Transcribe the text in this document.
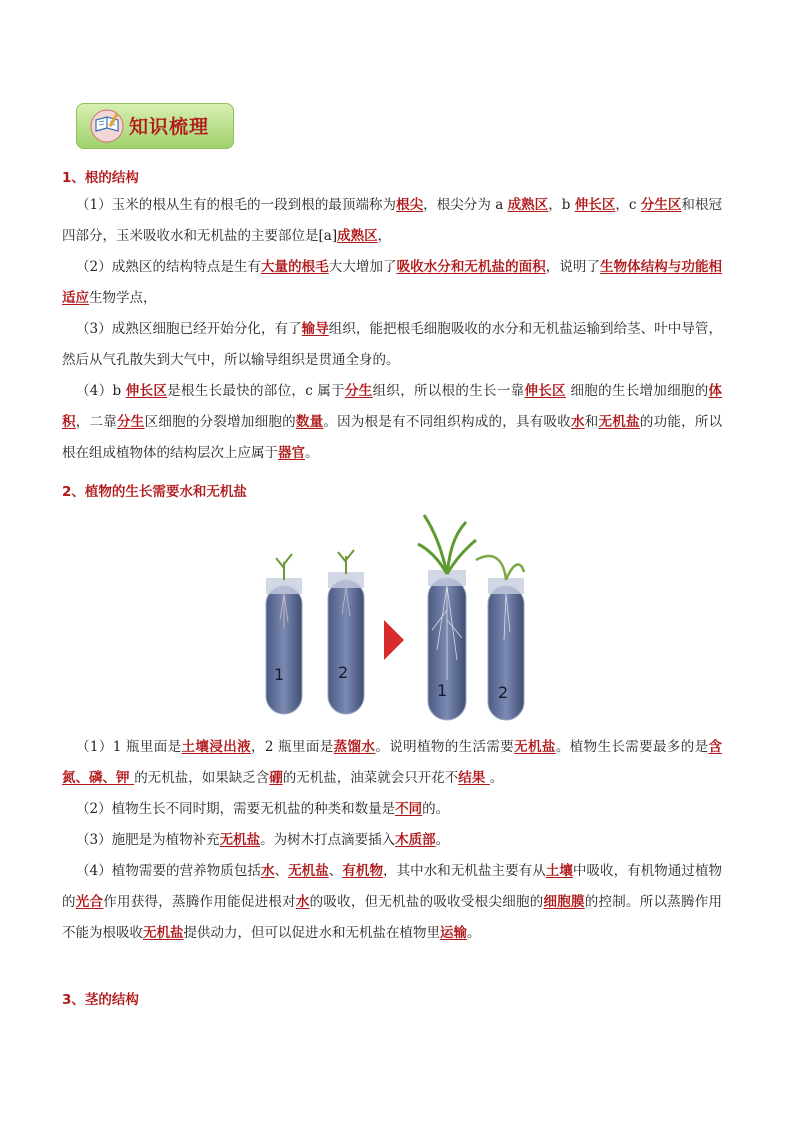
知识梳理
1、根的结构
（1）玉米的根从生有的根毛的一段到根的最顶端称为根尖，根尖分为 a 成熟区，b 伸长区，c 分生区和根冠四部分，玉米吸收水和无机盐的主要部位是[a]成熟区，
（2）成熟区的结构特点是生有大量的根毛大大增加了吸收水分和无机盐的面积，说明了生物体结构与功能相适应生物学点，
（3）成熟区细胞已经开始分化，有了输导组织，能把根毛细胞吸收的水分和无机盐运输到给茎、叶中导管，然后从气孔散失到大气中，所以输导组织是贯通全身的。
（4）b 伸长区是根生长最快的部位，c 属于分生组织，所以根的生长一靠伸长区 细胞的生长增加细胞的体积，二靠分生区细胞的分裂增加细胞的数量。因为根是有不同组织构成的，具有吸收水和无机盐的功能，所以根在组成植物体的结构层次上应属于器官。
2、植物的生长需要水和无机盐
1	2
1	2
（1）1 瓶里面是土壤浸出液，2 瓶里面是蒸馏水。说明植物的生活需要无机盐。植物生长需要最多的是含氮、磷、钾 的无机盐，如果缺乏含硼的无机盐，油菜就会只开花不结果 。
（2）植物生长不同时期，需要无机盐的种类和数量是不同的。
（3）施肥是为植物补充无机盐。为树木打点滴要插入木质部。
（4）植物需要的营养物质包括水、无机盐、有机物，其中水和无机盐主要有从土壤中吸收，有机物通过植物的光合作用获得，蒸腾作用能促进根对水的吸收，但无机盐的吸收受根尖细胞的细胞膜的控制。所以蒸腾作用不能为根吸收无机盐提供动力，但可以促进水和无机盐在植物里运输。
3、茎的结构
